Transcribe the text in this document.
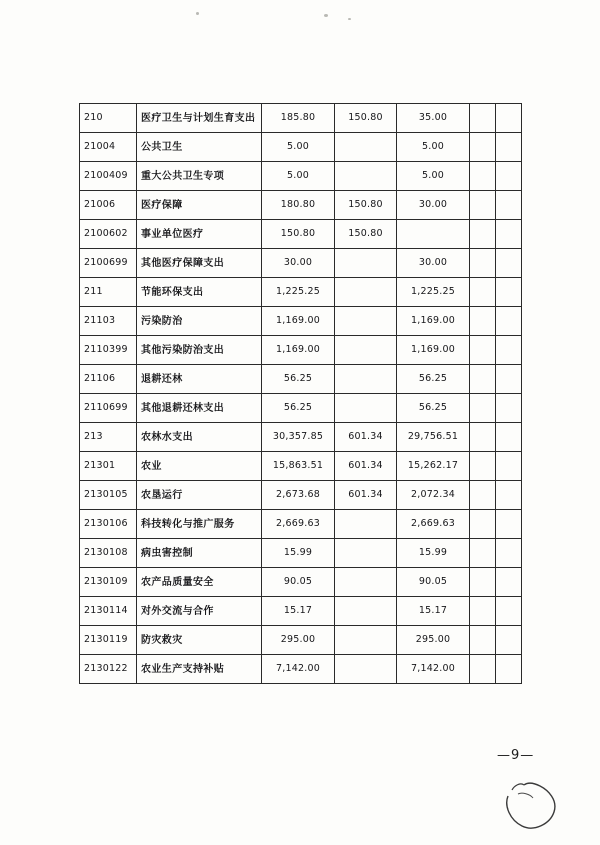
210	医疗卫生与计划生育支出	185.80	150.80	35.00		
21004	公共卫生	5.00		5.00		
2100409	重大公共卫生专项	5.00		5.00		
21006	医疗保障	180.80	150.80	30.00		
2100602	事业单位医疗	150.80	150.80			
2100699	其他医疗保障支出	30.00		30.00		
211	节能环保支出	1,225.25		1,225.25		
21103	污染防治	1,169.00		1,169.00		
2110399	其他污染防治支出	1,169.00		1,169.00		
21106	退耕还林	56.25		56.25		
2110699	其他退耕还林支出	56.25		56.25		
213	农林水支出	30,357.85	601.34	29,756.51		
21301	农业	15,863.51	601.34	15,262.17		
2130105	农垦运行	2,673.68	601.34	2,072.34		
2130106	科技转化与推广服务	2,669.63		2,669.63		
2130108	病虫害控制	15.99		15.99		
2130109	农产品质量安全	90.05		90.05		
2130114	对外交流与合作	15.17		15.17		
2130119	防灾救灾	295.00		295.00		
2130122	农业生产支持补贴	7,142.00		7,142.00		
—9—
